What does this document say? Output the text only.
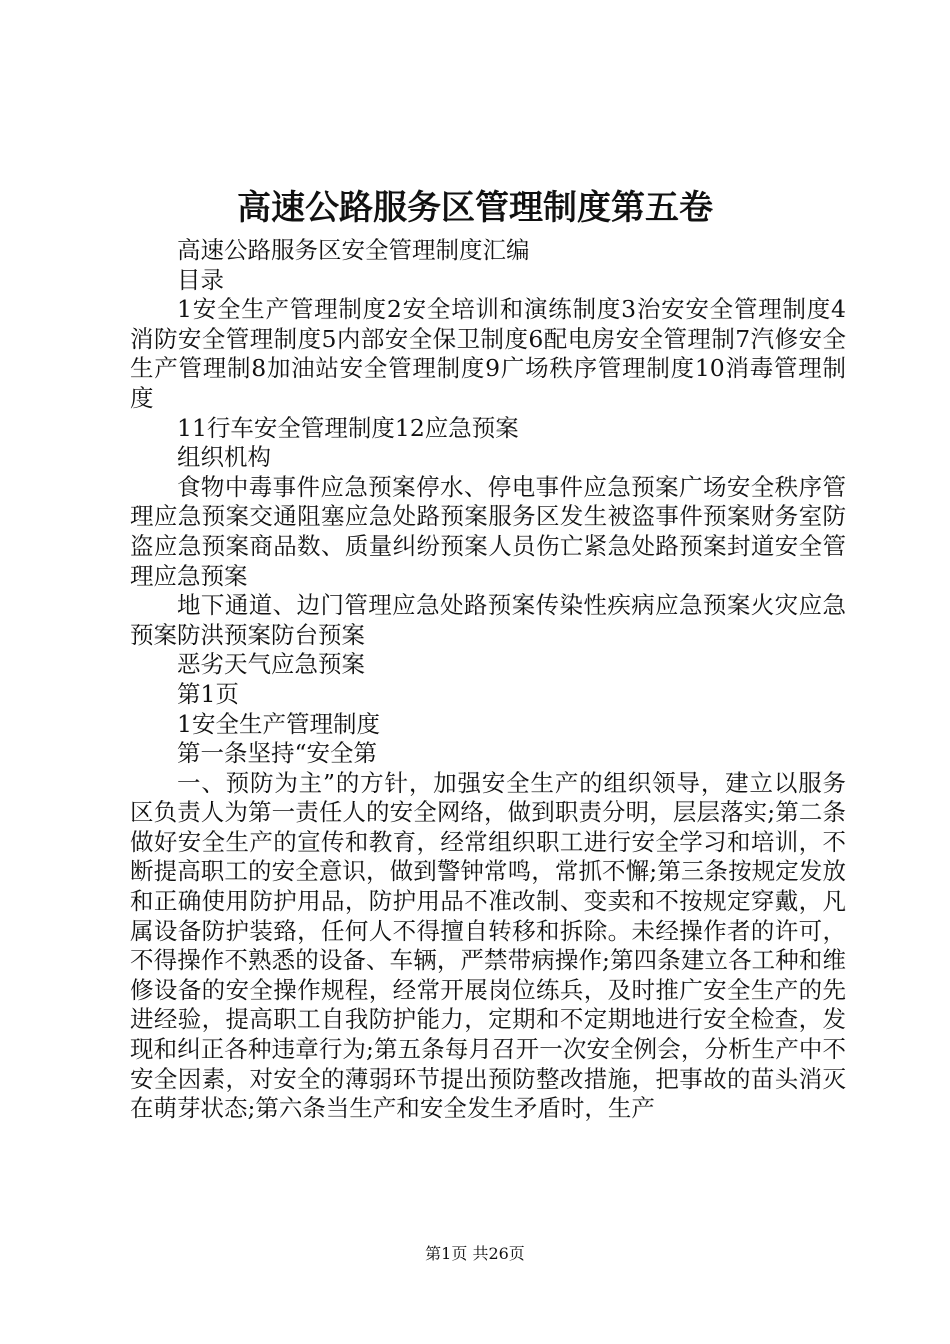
高速公路服务区管理制度第五卷

高速公路服务区安全管理制度汇编

目录

1安全生产管理制度2安全培训和演练制度3治安安全管理制度4消防安全管理制度5内部安全保卫制度6配电房安全管理制7汽修安全生产管理制8加油站安全管理制度9广场秩序管理制度10消毒管理制度

11行车安全管理制度12应急预案

组织机构

食物中毒事件应急预案停水、停电事件应急预案广场安全秩序管理应急预案交通阻塞应急处路预案服务区发生被盗事件预案财务室防盗应急预案商品数、质量纠纷预案人员伤亡紧急处路预案封道安全管理应急预案

地下通道、边门管理应急处路预案传染性疾病应急预案火灾应急预案防洪预案防台预案

恶劣天气应急预案

第1页

1安全生产管理制度

第一条坚持“安全第

一、预防为主”的方针，加强安全生产的组织领导，建立以服务区负责人为第一责任人的安全网络，做到职责分明，层层落实;第二条做好安全生产的宣传和教育，经常组织职工进行安全学习和培训，不断提高职工的安全意识，做到警钟常鸣，常抓不懈;第三条按规定发放和正确使用防护用品，防护用品不准改制、变卖和不按规定穿戴，凡属设备防护装臵，任何人不得擅自转移和拆除。未经操作者的许可，不得操作不熟悉的设备、车辆，严禁带病操作;第四条建立各工种和维修设备的安全操作规程，经常开展岗位练兵，及时推广安全生产的先进经验，提高职工自我防护能力，定期和不定期地进行安全检查，发现和纠正各种违章行为;第五条每月召开一次安全例会，分析生产中不安全因素，对安全的薄弱环节提出预防整改措施，把事故的苗头消灭在萌芽状态;第六条当生产和安全发生矛盾时，生产

第1页 共26页
